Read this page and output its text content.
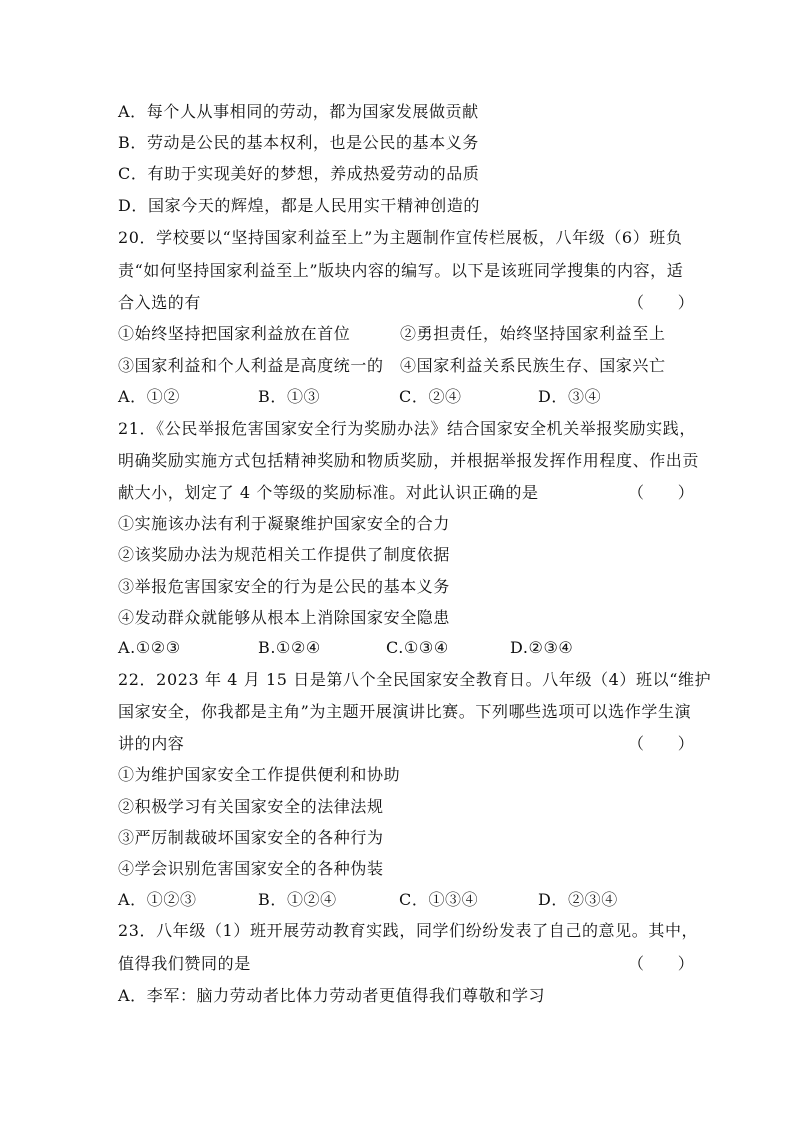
A．每个人从事相同的劳动，都为国家发展做贡献
B．劳动是公民的基本权利，也是公民的基本义务
C．有助于实现美好的梦想，养成热爱劳动的品质
D．国家今天的辉煌，都是人民用实干精神创造的
20．学校要以“坚持国家利益至上”为主题制作宣传栏展板，八年级（6）班负
责“如何坚持国家利益至上”版块内容的编写。以下是该班同学搜集的内容，适
合入选的有	（　　）
①始终坚持把国家利益放在首位	②勇担责任，始终坚持国家利益至上
③国家利益和个人利益是高度统一的 ④国家利益关系民族生存、国家兴亡
A．①②	B．①③	C．②④	D．③④
21．《公民举报危害国家安全行为奖励办法》结合国家安全机关举报奖励实践，
明确奖励实施方式包括精神奖励和物质奖励，并根据举报发挥作用程度、作出贡
献大小，划定了 4 个等级的奖励标准。对此认识正确的是	（　　）
①实施该办法有利于凝聚维护国家安全的合力
②该奖励办法为规范相关工作提供了制度依据
③举报危害国家安全的行为是公民的基本义务
④发动群众就能够从根本上消除国家安全隐患
A.①②③	B.①②④	C.①③④	D.②③④
22．2023 年 4 月 15 日是第八个全民国家安全教育日。八年级（4）班以“维护
国家安全，你我都是主角”为主题开展演讲比赛。下列哪些选项可以选作学生演
讲的内容	（　　）
①为维护国家安全工作提供便利和协助
②积极学习有关国家安全的法律法规
③严厉制裁破坏国家安全的各种行为
④学会识别危害国家安全的各种伪装
A．①②③	B．①②④	C．①③④	D．②③④
23．八年级（1）班开展劳动教育实践，同学们纷纷发表了自己的意见。其中，
值得我们赞同的是	（　　）
A．李军：脑力劳动者比体力劳动者更值得我们尊敬和学习
